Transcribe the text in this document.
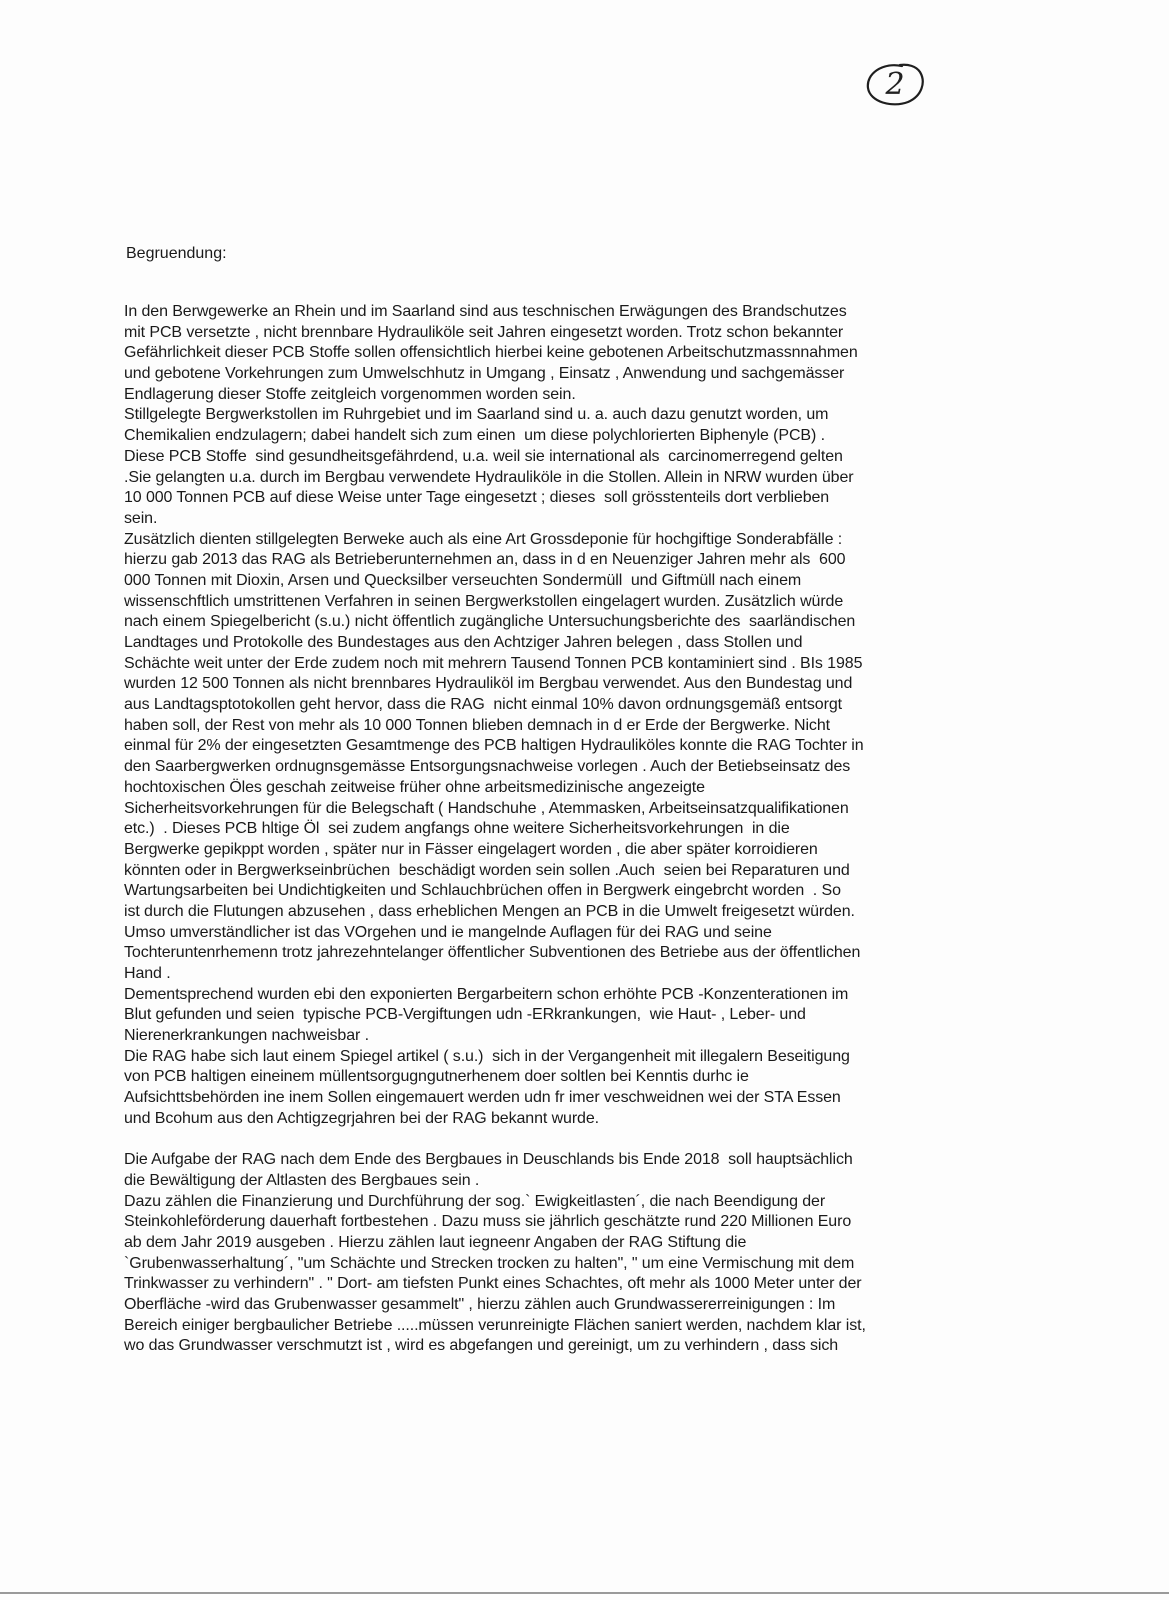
2
Begruendung:
In den Berwgewerke an Rhein und im Saarland sind aus teschnischen Erwägungen des Brandschutzes
mit PCB versetzte , nicht brennbare Hydrauliköle seit Jahren eingesetzt worden. Trotz schon bekannter
Gefährlichkeit dieser PCB Stoffe sollen offensichtlich hierbei keine gebotenen Arbeitschutzmassnnahmen
und gebotene Vorkehrungen zum Umwelschhutz in Umgang , Einsatz , Anwendung und sachgemässer
Endlagerung dieser Stoffe zeitgleich vorgenommen worden sein.
Stillgelegte Bergwerkstollen im Ruhrgebiet und im Saarland sind u. a. auch dazu genutzt worden, um
Chemikalien endzulagern; dabei handelt sich zum einen  um diese polychlorierten Biphenyle (PCB) .
Diese PCB Stoffe  sind gesundheitsgefährdend, u.a. weil sie international als  carcinomerregend gelten
.Sie gelangten u.a. durch im Bergbau verwendete Hydrauliköle in die Stollen. Allein in NRW wurden über
10 000 Tonnen PCB auf diese Weise unter Tage eingesetzt ; dieses  soll grösstenteils dort verblieben
sein.
Zusätzlich dienten stillgelegten Berweke auch als eine Art Grossdeponie für hochgiftige Sonderabfälle :
hierzu gab 2013 das RAG als Betrieberunternehmen an, dass in d en Neuenziger Jahren mehr als  600
000 Tonnen mit Dioxin, Arsen und Quecksilber verseuchten Sondermüll  und Giftmüll nach einem
wissenschftlich umstrittenen Verfahren in seinen Bergwerkstollen eingelagert wurden. Zusätzlich würde
nach einem Spiegelbericht (s.u.) nicht öffentlich zugängliche Untersuchungsberichte des  saarländischen
Landtages und Protokolle des Bundestages aus den Achtziger Jahren belegen , dass Stollen und
Schächte weit unter der Erde zudem noch mit mehrern Tausend Tonnen PCB kontaminiert sind . BIs 1985
wurden 12 500 Tonnen als nicht brennbares Hydrauliköl im Bergbau verwendet. Aus den Bundestag und
aus Landtagsptotokollen geht hervor, dass die RAG  nicht einmal 10% davon ordnungsgemäß entsorgt
haben soll, der Rest von mehr als 10 000 Tonnen blieben demnach in d er Erde der Bergwerke. Nicht
einmal für 2% der eingesetzten Gesamtmenge des PCB haltigen Hydrauliköles konnte die RAG Tochter in
den Saarbergwerken ordnugnsgemässe Entsorgungsnachweise vorlegen . Auch der Betiebseinsatz des
hochtoxischen Öles geschah zeitweise früher ohne arbeitsmedizinische angezeigte
Sicherheitsvorkehrungen für die Belegschaft ( Handschuhe , Atemmasken, Arbeitseinsatzqualifikationen
etc.)  . Dieses PCB hltige Öl  sei zudem angfangs ohne weitere Sicherheitsvorkehrungen  in die
Bergwerke gepikppt worden , später nur in Fässer eingelagert worden , die aber später korroidieren
könnten oder in Bergwerkseinbrüchen  beschädigt worden sein sollen .Auch  seien bei Reparaturen und
Wartungsarbeiten bei Undichtigkeiten und Schlauchbrüchen offen in Bergwerk eingebrcht worden  . So
ist durch die Flutungen abzusehen , dass erheblichen Mengen an PCB in die Umwelt freigesetzt würden.
Umso umverständlicher ist das VOrgehen und ie mangelnde Auflagen für dei RAG und seine
Tochteruntenrhemenn trotz jahrezehntelanger öffentlicher Subventionen des Betriebe aus der öffentlichen
Hand .
Dementsprechend wurden ebi den exponierten Bergarbeitern schon erhöhte PCB -Konzenterationen im
Blut gefunden und seien  typische PCB-Vergiftungen udn -ERkrankungen,  wie Haut- , Leber- und
Nierenerkrankungen nachweisbar .
Die RAG habe sich laut einem Spiegel artikel ( s.u.)  sich in der Vergangenheit mit illegalern Beseitigung
von PCB haltigen eineinem müllentsorgugngutnerhenem doer soltlen bei Kenntis durhc ie
Aufsichttsbehörden ine inem Sollen eingemauert werden udn fr imer veschweidnen wei der STA Essen
und Bcohum aus den Achtigzegrjahren bei der RAG bekannt wurde.
Die Aufgabe der RAG nach dem Ende des Bergbaues in Deuschlands bis Ende 2018  soll hauptsächlich
die Bewältigung der Altlasten des Bergbaues sein .
Dazu zählen die Finanzierung und Durchführung der sog.` Ewigkeitlasten´, die nach Beendigung der
Steinkohleförderung dauerhaft fortbestehen . Dazu muss sie jährlich geschätzte rund 220 Millionen Euro
ab dem Jahr 2019 ausgeben . Hierzu zählen laut iegneenr Angaben der RAG Stiftung die
`Grubenwasserhaltung´, "um Schächte und Strecken trocken zu halten", " um eine Vermischung mit dem
Trinkwasser zu verhindern" . " Dort- am tiefsten Punkt eines Schachtes, oft mehr als 1000 Meter unter der
Oberfläche -wird das Grubenwasser gesammelt" , hierzu zählen auch Grundwassererreinigungen : Im
Bereich einiger bergbaulicher Betriebe .....müssen verunreinigte Flächen saniert werden, nachdem klar ist,
wo das Grundwasser verschmutzt ist , wird es abgefangen und gereinigt, um zu verhindern , dass sich
